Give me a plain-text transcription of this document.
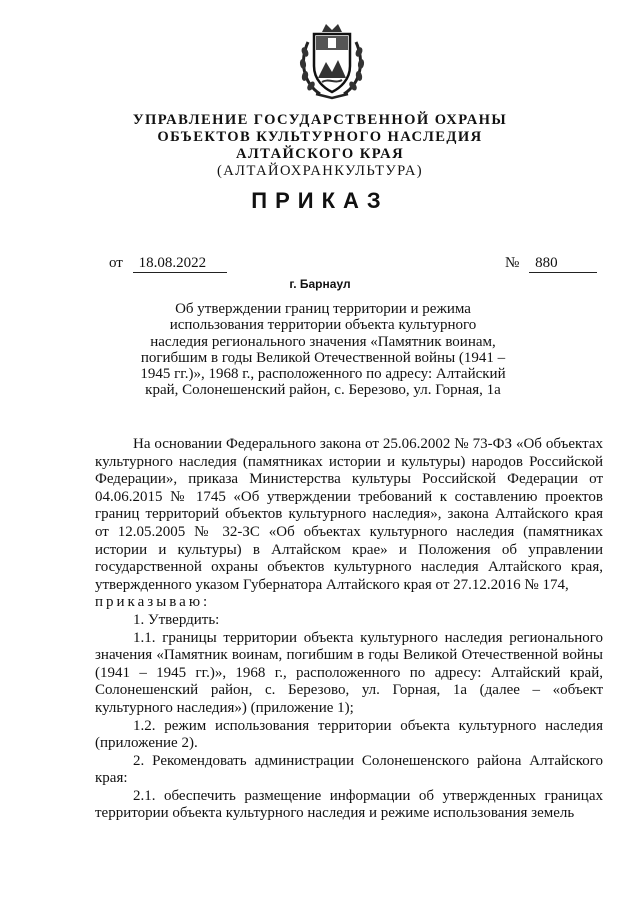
УПРАВЛЕНИЕ ГОСУДАРСТВЕННОЙ ОХРАНЫ
ОБЪЕКТОВ КУЛЬТУРНОГО НАСЛЕДИЯ
АЛТАЙСКОГО КРАЯ
(АЛТАЙОХРАНКУЛЬТУРА)
ПРИКАЗ
от 18.08.2022	№ 880
г. Барнаул
Об утверждении границ территории и режима использования территории объекта культурного наследия регионального значения «Памятник воинам, погибшим в годы Великой Отечественной войны (1941 – 1945 гг.)», 1968 г., расположенного по адресу: Алтайский край, Солонешенский район, с. Березово, ул. Горная, 1а

На основании Федерального закона от 25.06.2002 № 73-ФЗ «Об объектах культурного наследия (памятниках истории и культуры) народов Российской Федерации», приказа Министерства культуры Российской Федерации от 04.06.2015 № 1745 «Об утверждении требований к составлению проектов границ территорий объектов культурного наследия», закона Алтайского края от 12.05.2005 № 32-ЗС «Об объектах культурного наследия (памятниках истории и культуры) в Алтайском крае» и Положения об управлении государственной охраны объектов культурного наследия Алтайского края, утвержденного указом Губернатора Алтайского края от 27.12.2016 № 174,

приказываю:

1. Утвердить:

1.1. границы территории объекта культурного наследия регионального значения «Памятник воинам, погибшим в годы Великой Отечественной войны (1941 – 1945 гг.)», 1968 г., расположенного по адресу: Алтайский край, Солонешенский район, с. Березово, ул. Горная, 1а (далее – «объект культурного наследия») (приложение 1);

1.2. режим использования территории объекта культурного наследия (приложение 2).

2. Рекомендовать администрации Солонешенского района Алтайского края:

2.1. обеспечить размещение информации об утвержденных границах территории объекта культурного наследия и режиме использования земель
